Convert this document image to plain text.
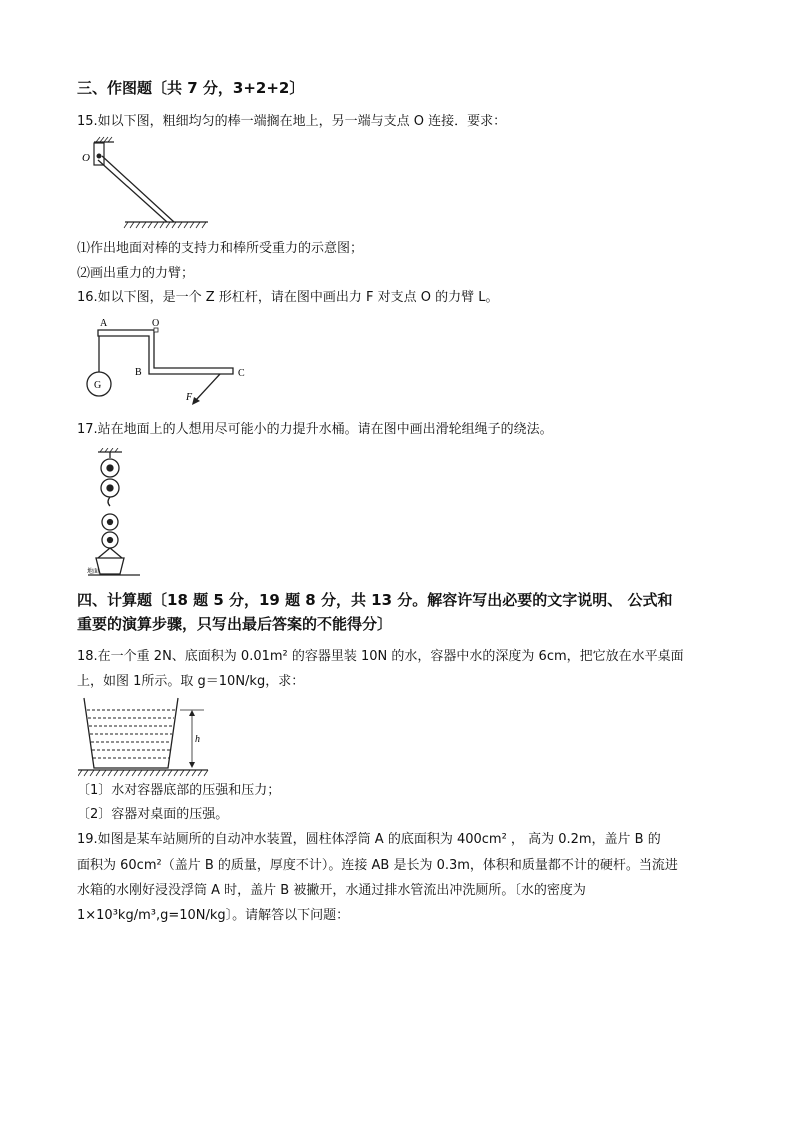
三、作图题〔共 7 分，3+2+2〕
15.如以下图，粗细均匀的棒一端搁在地上，另一端与支点 O 连接．要求：
O
⑴作出地面对棒的支持力和棒所受重力的示意图；
⑵画出重力的力臂；
16.如以下图，是一个 Z 形杠杆，请在图中画出力 F 对支点 O 的力臂 L。
A	O
B	C
G
F
17.站在地面上的人想用尽可能小的力提升水桶。请在图中画出滑轮组绳子的绕法。
地面
四、计算题〔18 题 5 分，19 题 8 分，共 13 分。解容许写出必要的文字说明、 公式和
重要的演算步骤，只写出最后答案的不能得分〕
18.在一个重 2N、底面积为 0.01m² 的容器里装 10N 的水，容器中水的深度为 6cm，把它放在水平桌面
上，如图 1所示。取 g＝10N/kg，求：
h
〔1〕水对容器底部的压强和压力；
〔2〕容器对桌面的压强。
19.如图是某车站厕所的自动冲水装置，圆柱体浮筒 A 的底面积为 400cm² ， 高为 0.2m，盖片 B 的
面积为 60cm²（盖片 B 的质量，厚度不计）。连接 AB 是长为 0.3m，体积和质量都不计的硬杆。当流进
水箱的水刚好浸没浮筒 A 时，盖片 B 被撇开，水通过排水管流出冲洗厕所。〔水的密度为
1×10³kg/m³,g=10N/kg〕。请解答以下问题：
